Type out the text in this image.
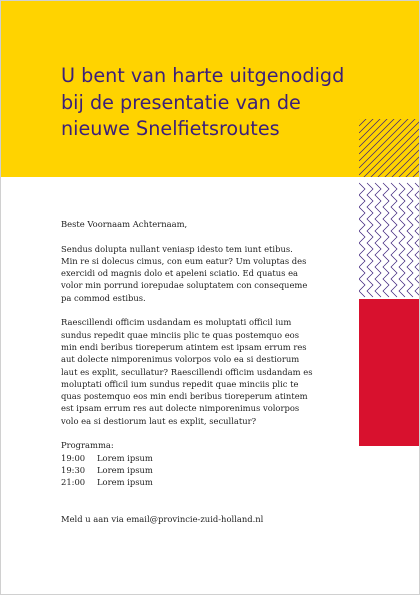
U bent van harte uitgenodigd
bij de presentatie van de
nieuwe Snelfietsroutes

Beste Voornaam Achternaam,

Sendus dolupta nullant veniasp idesto tem iunt etibus.
Min re si dolecus cimus, con eum eatur? Um voluptas des
exercidi od magnis dolo et apeleni sciatio. Ed quatus ea
volor min porrund iorepudae soluptatem con consequeme
pa commod estibus.

Raescillendi officim usdandam es moluptati officil ium
sundus repedit quae minciis plic te quas postemquo eos
min endi beribus tioreperum atintem est ipsam errum res
aut dolecte nimporenimus volorpos volo ea si destiorum
laut es explit, secullatur? Raescillendi officim usdandam es
moluptati officil ium sundus repedit quae minciis plic te
quas postemquo eos min endi beribus tioreperum atintem
est ipsam errum res aut dolecte nimporenimus volorpos
volo ea si destiorum laut es explit, secullatur?

Programma:
19:00 Lorem ipsum
19:30 Lorem ipsum
21:00 Lorem ipsum

Meld u aan via email@provincie-zuid-holland.nl
